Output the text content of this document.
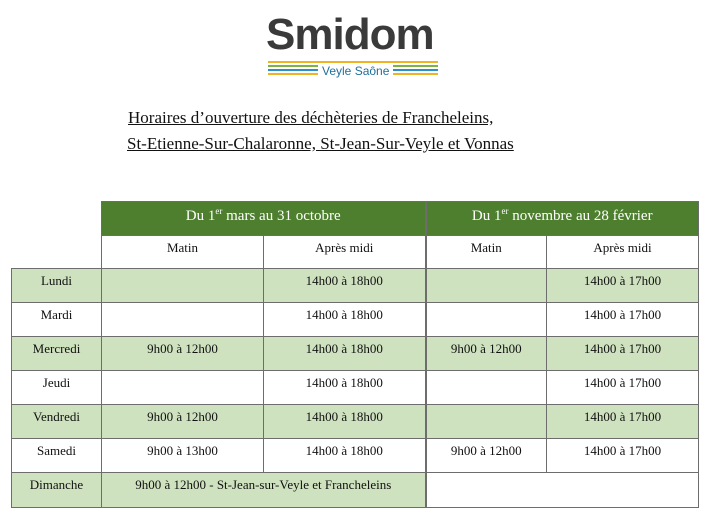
Smidom
Veyle Saône
Horaires d’ouverture des déchèteries de Francheleins,
St-Etienne-Sur-Chalaronne, St-Jean-Sur-Veyle et Vonnas
	Du 1er mars au 31 octobre		Du 1er novembre au 28 février	
	Matin	Après midi	Matin	Après midi
Lundi		14h00 à 18h00		14h00 à 17h00
Mardi		14h00 à 18h00		14h00 à 17h00
Mercredi	9h00 à 12h00	14h00 à 18h00	9h00 à 12h00	14h00 à 17h00
Jeudi		14h00 à 18h00		14h00 à 17h00
Vendredi	9h00 à 12h00	14h00 à 18h00		14h00 à 17h00
Samedi	9h00 à 13h00	14h00 à 18h00	9h00 à 12h00	14h00 à 17h00
Dimanche	9h00 à 12h00 - St-Jean-sur-Veyle et Francheleins			
